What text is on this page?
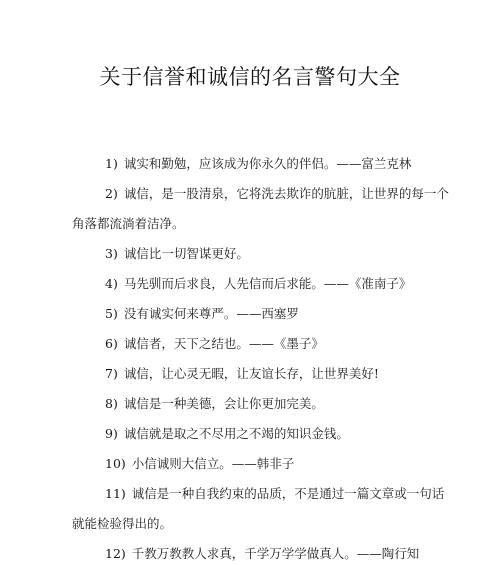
关于信誉和诚信的名言警句大全
1) 诚实和勤勉，应该成为你永久的伴侣。——富兰克林
2) 诚信，是一股清泉，它将洗去欺诈的肮脏，让世界的每一个
角落都流淌着洁净。
3) 诚信比一切智谋更好。
4) 马先驯而后求良，人先信而后求能。——《准南子》
5) 没有诚实何来尊严。——西塞罗
6) 诚信者，天下之结也。——《墨子》
7) 诚信，让心灵无暇，让友谊长存，让世界美好!
8) 诚信是一种美德，会让你更加完美。
9) 诚信就是取之不尽用之不竭的知识金钱。
10) 小信诚则大信立。——韩非子
11) 诚信是一种自我约束的品质，不是通过一篇文章或一句话
就能检验得出的。
12) 千教万教教人求真，千学万学学做真人。——陶行知
